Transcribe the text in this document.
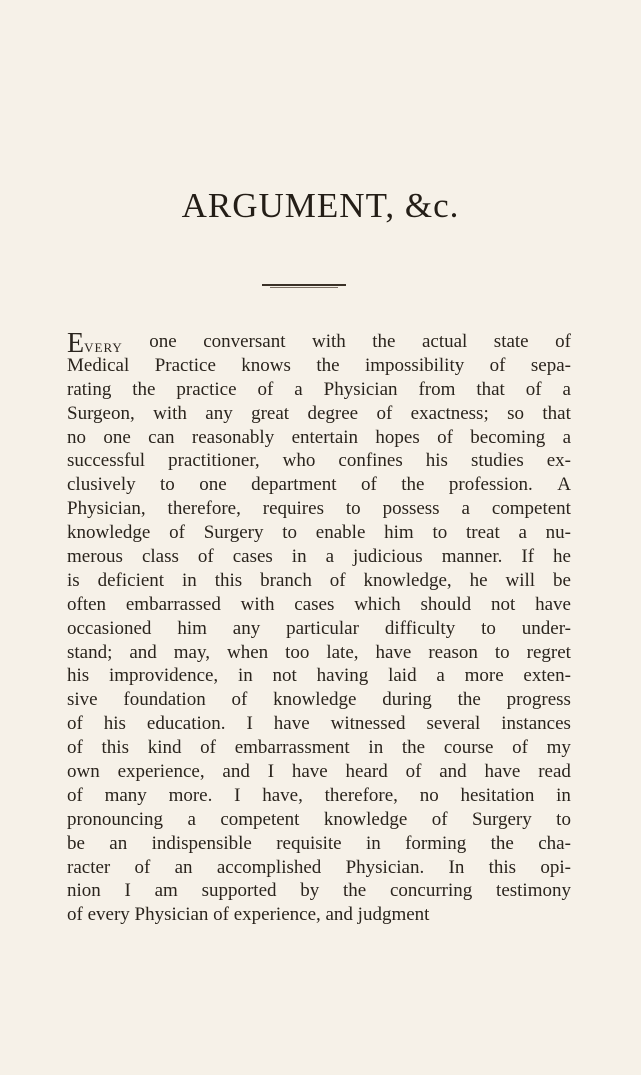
ARGUMENT, &c.
Every one conversant with the actual state of
Medical Practice knows the impossibility of sepa-
rating the practice of a Physician from that of a
Surgeon, with any great degree of exactness; so that
no one can reasonably entertain hopes of becoming a
successful practitioner, who confines his studies ex-
clusively to one department of the profession. A
Physician, therefore, requires to possess a competent
knowledge of Surgery to enable him to treat a nu-
merous class of cases in a judicious manner. If he
is deficient in this branch of knowledge, he will be
often embarrassed with cases which should not have
occasioned him any particular difficulty to under-
stand; and may, when too late, have reason to regret
his improvidence, in not having laid a more exten-
sive foundation of knowledge during the progress
of his education. I have witnessed several instances
of this kind of embarrassment in the course of my
own experience, and I have heard of and have read
of many more. I have, therefore, no hesitation in
pronouncing a competent knowledge of Surgery to
be an indispensible requisite in forming the cha-
racter of an accomplished Physician. In this opi-
nion I am supported by the concurring testimony
of every Physician of experience, and judgment
